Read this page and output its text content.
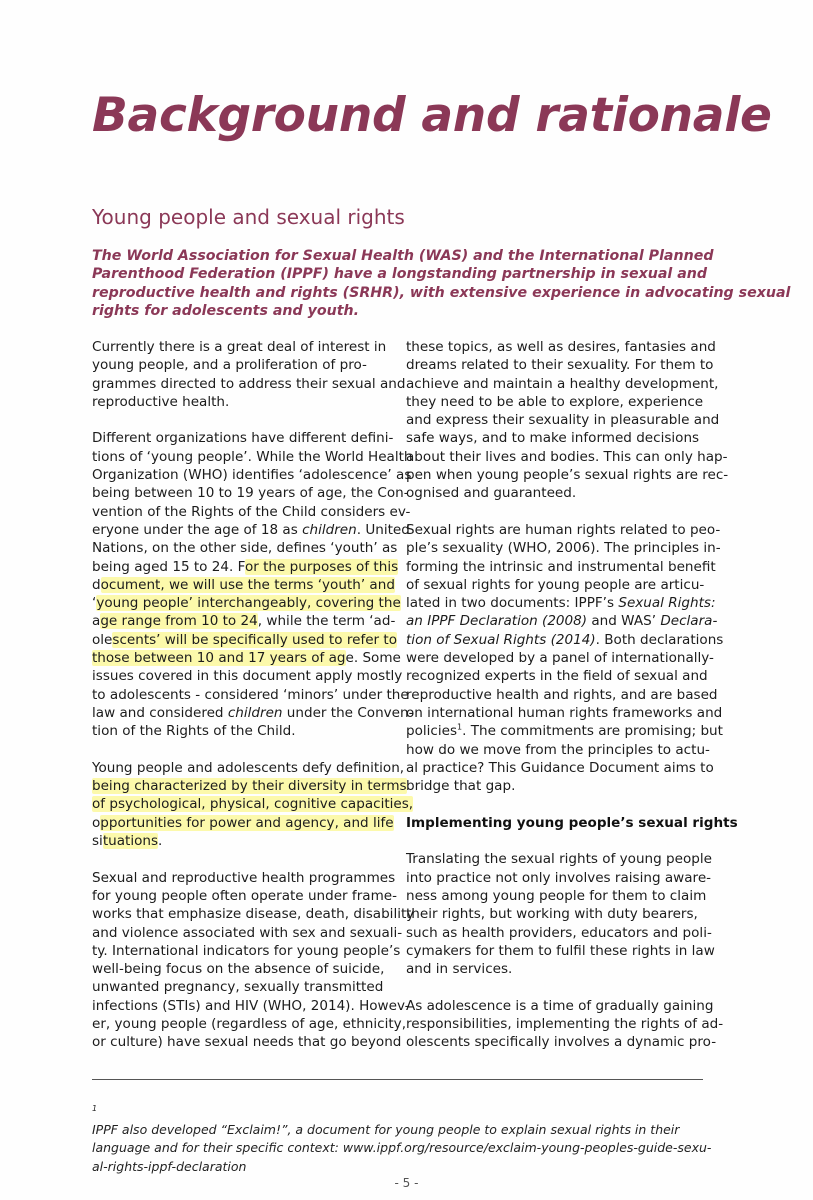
Background and rationale
Young people and sexual rights

The World Association for Sexual Health (WAS) and the International Planned
Parenthood Federation (IPPF) have a longstanding partnership in sexual and
reproductive health and rights (SRHR), with extensive experience in advocating sexual
rights for adolescents and youth.

Currently there is a great deal of interest in
young people, and a proliferation of pro-
grammes directed to address their sexual and
reproductive health.

Different organizations have different defini-
tions of ‘young people’. While the World Health
Organization (WHO) identifies ‘adolescence’ as
being between 10 to 19 years of age, the Con-
vention of the Rights of the Child considers ev-
eryone under the age of 18 as children. United
Nations, on the other side, defines ‘youth’ as
being aged 15 to 24. For the purposes of this
document, we will use the terms ‘youth’ and
‘young people’ interchangeably, covering the
age range from 10 to 24, while the term ‘ad-
olescents’ will be specifically used to refer to
those between 10 and 17 years of age. Some
issues covered in this document apply mostly
to adolescents - considered ‘minors’ under the
law and considered children under the Conven-
tion of the Rights of the Child.

Young people and adolescents defy definition,
being characterized by their diversity in terms
of psychological, physical, cognitive capacities,
opportunities for power and agency, and life
situations.

Sexual and reproductive health programmes
for young people often operate under frame-
works that emphasize disease, death, disability
and violence associated with sex and sexuali-
ty. International indicators for young people’s
well-being focus on the absence of suicide,
unwanted pregnancy, sexually transmitted
infections (STIs) and HIV (WHO, 2014). Howev-
er, young people (regardless of age, ethnicity,
or culture) have sexual needs that go beyond

these topics, as well as desires, fantasies and
dreams related to their sexuality. For them to
achieve and maintain a healthy development,
they need to be able to explore, experience
and express their sexuality in pleasurable and
safe ways, and to make informed decisions
about their lives and bodies. This can only hap-
pen when young people’s sexual rights are rec-
ognised and guaranteed.

Sexual rights are human rights related to peo-
ple’s sexuality (WHO, 2006). The principles in-
forming the intrinsic and instrumental benefit
of sexual rights for young people are articu-
lated in two documents: IPPF’s Sexual Rights:
an IPPF Declaration (2008) and WAS’ Declara-
tion of Sexual Rights (2014). Both declarations
were developed by a panel of internationally-
recognized experts in the field of sexual and
reproductive health and rights, and are based
on international human rights frameworks and
policies$^1$. The commitments are promising; but
how do we move from the principles to actu-
al practice? This Guidance Document aims to
bridge that gap.

Implementing young people’s sexual rights

Translating the sexual rights of young people
into practice not only involves raising aware-
ness among young people for them to claim
their rights, but working with duty bearers,
such as health providers, educators and poli-
cymakers for them to fulfil these rights in law
and in services.

As adolescence is a time of gradually gaining
responsibilities, implementing the rights of ad-
olescents specifically involves a dynamic pro-

$^1$
IPPF also developed “Exclaim!”, a document for young people to explain sexual rights in their
language and for their specific context: www.ippf.org/resource/exclaim-young-peoples-guide-sexu-
al-rights-ippf-declaration

- 5 -
